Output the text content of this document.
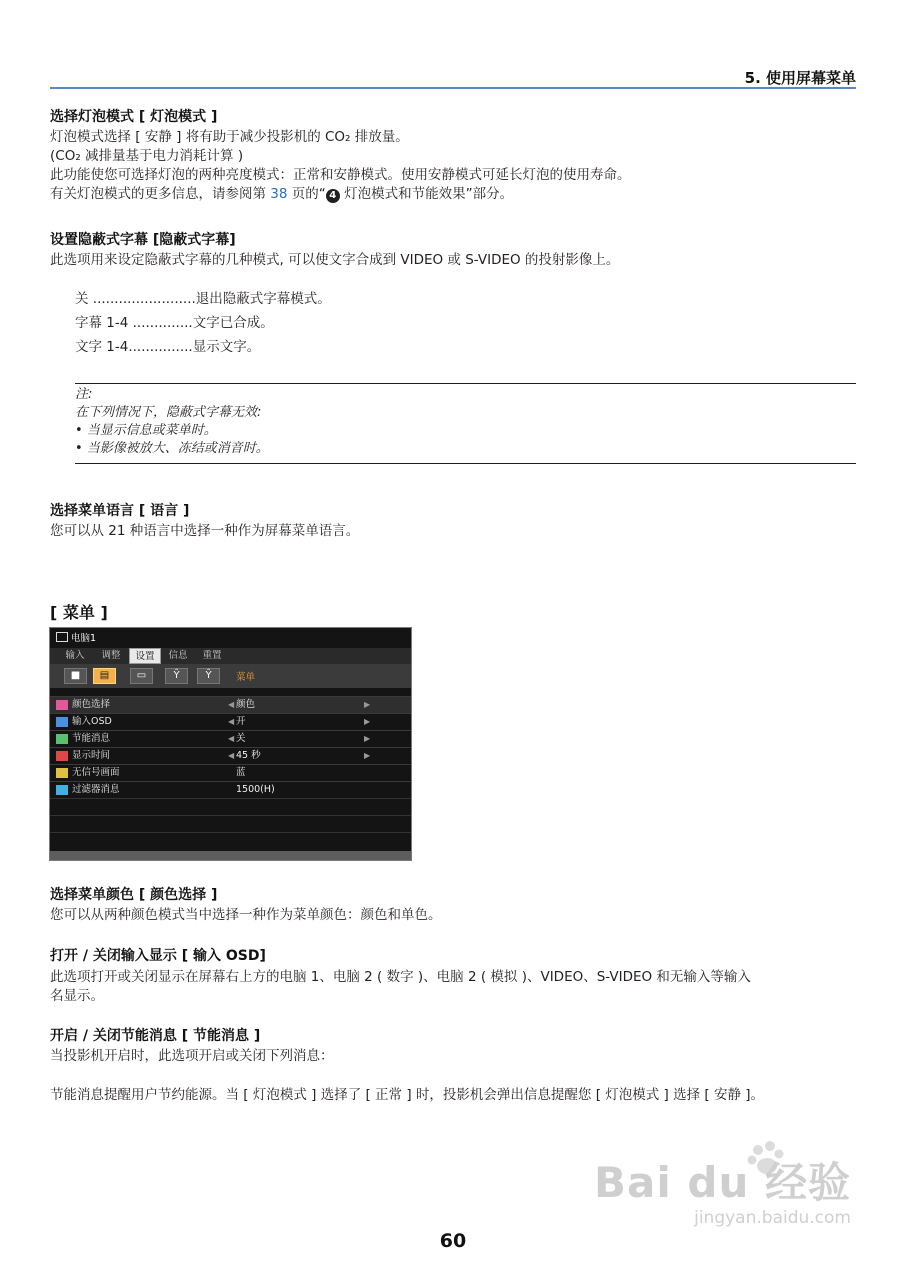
5. 使用屏幕菜单
选择灯泡模式 [ 灯泡模式 ]
灯泡模式选择 [ 安静 ] 将有助于减少投影机的 CO₂ 排放量。
(CO₂ 减排量基于电力消耗计算 )
此功能使您可选择灯泡的两种亮度模式：正常和安静模式。使用安静模式可延长灯泡的使用寿命。
有关灯泡模式的更多信息，请参阅第 38 页的“ 4 灯泡模式和节能效果”部分。
设置隐蔽式字幕 [隐蔽式字幕]
此选项用来设定隐蔽式字幕的几种模式, 可以使文字合成到 VIDEO 或 S-VIDEO 的投射影像上。
关 ........................退出隐蔽式字幕模式。
字幕 1-4 ..............文字已合成。
文字 1-4...............显示文字。
注:
在下列情况下，隐蔽式字幕无效:
• 当显示信息或菜单时。
• 当影像被放大、冻结或消音时。
选择菜单语言 [ 语言 ]
您可以从 21 种语言中选择一种作为屏幕菜单语言。
[ 菜单 ]
电脑1
输入	调整	设置	信息	重置
■	▤	▭	Ŷ	Ŷ	菜单
颜色选择	◀ 颜色	▶
输入OSD	◀ 开	▶
节能消息	◀ 关	▶
显示时间	◀ 45 秒	▶
无信号画面	蓝
过滤器消息	1500(H)
选择菜单颜色 [ 颜色选择 ]
您可以从两种颜色模式当中选择一种作为菜单颜色：颜色和单色。
打开 / 关闭输入显示 [ 输入 OSD]
此选项打开或关闭显示在屏幕右上方的电脑 1、电脑 2 ( 数字 )、电脑 2 ( 模拟 )、VIDEO、S-VIDEO 和无输入等输入
名显示。
开启 / 关闭节能消息 [ 节能消息 ]
当投影机开启时，此选项开启或关闭下列消息：
节能消息提醒用户节约能源。当 [ 灯泡模式 ] 选择了 [ 正常 ] 时，投影机会弹出信息提醒您 [ 灯泡模式 ] 选择 [ 安静 ]。
Bai du 经验
jingyan.baidu.com
60
